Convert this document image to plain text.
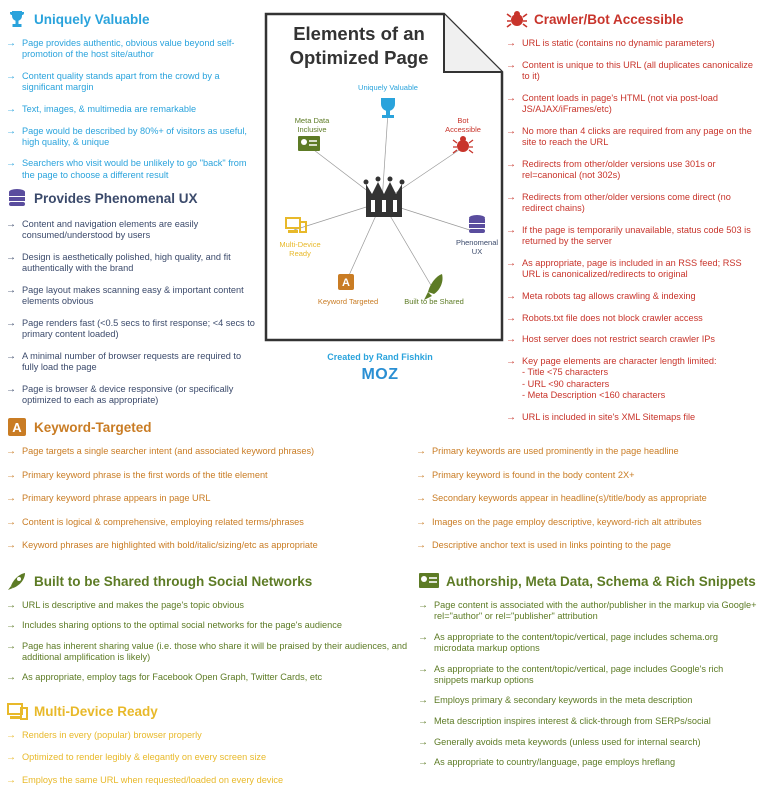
Uniquely Valuable
→ Page provides authentic, obvious value beyond self-promotion of the host site/author
→ Content quality stands apart from the crowd by a significant margin
→ Text, images, & multimedia are remarkable
→ Page would be described by 80%+ of visitors as useful, high quality, & unique
→ Searchers who visit would be unlikely to go "back" from the page to choose a different result
Provides Phenomenal UX
→ Content and navigation elements are easily consumed/understood by users
→ Design is aesthetically polished, high quality, and fit authentically with the brand
→ Page layout makes scanning easy & important content elements obvious
→ Page renders fast (<0.5 secs to first response; <4 secs to primary content loaded)
→ A minimal number of browser requests are required to fully load the page
→ Page is browser & device responsive (or specifically optimized to each as appropriate)
Crawler/Bot Accessible
→ URL is static (contains no dynamic parameters)
→ Content is unique to this URL (all duplicates canonicalize to it)
→ Content loads in page's HTML (not via post-load JS/AJAX/iFrames/etc)
→ No more than 4 clicks are required from any page on the site to reach the URL
→ Redirects from other/older versions use 301s or rel=canonical (not 302s)
→ Redirects from other/older versions come direct (no redirect chains)
→ If the page is temporarily unavailable, status code 503 is returned by the server
→ As appropriate, page is included in an RSS feed; RSS URL is canonicalized/redirects to original
→ Meta robots tag allows crawling & indexing
→ Robots.txt file does not block crawler access
→ Host server does not restrict search crawler IPs
→ Key page elements are character length limited:
- Title <75 characters
- URL <90 characters
- Meta Description <160 characters
→ URL is included in site's XML Sitemaps file
A
Elements of an
Optimized Page
Uniquely Valuable
Bot Accessible
Phenomenal UX
Built to be Shared
Keyword Targeted
Multi-Device Ready
Meta Data Inclusive
Created by Rand Fishkin
MOZ
A Keyword-Targeted
→ Page targets a single searcher intent (and associated keyword phrases)
→ Primary keyword phrase is the first words of the title element
→ Primary keyword phrase appears in page URL
→ Content is logical & comprehensive, employing related terms/phrases
→ Keyword phrases are highlighted with bold/italic/sizing/etc as appropriate
→ Primary keywords are used prominently in the page headline
→ Primary keyword is found in the body content 2X+
→ Secondary keywords appear in headline(s)/title/body as appropriate
→ Images on the page employ descriptive, keyword-rich alt attributes
→ Descriptive anchor text is used in links pointing to the page
Built to be Shared through Social Networks
→ URL is descriptive and makes the page's topic obvious
→ Includes sharing options to the optimal social networks for the page's audience
→ Page has inherent sharing value (i.e. those who share it will be praised by their audiences, and additional amplification is likely)
→ As appropriate, employ tags for Facebook Open Graph, Twitter Cards, etc
Multi-Device Ready
→ Renders in every (popular) browser properly
→ Optimized to render legibly & elegantly on every screen size
→ Employs the same URL when requested/loaded on every device
Authorship, Meta Data, Schema & Rich Snippets
→ Page content is associated with the author/publisher in the markup via Google+ rel="author" or rel="publisher" attribution
→ As appropriate to the content/topic/vertical, page includes schema.org microdata markup options
→ As appropriate to the content/topic/vertical, page includes Google's rich snippets markup options
→ Employs primary & secondary keywords in the meta description
→ Meta description inspires interest & click-through from SERPs/social
→ Generally avoids meta keywords (unless used for internal search)
→ As appropriate to country/language, page employs hreflang
